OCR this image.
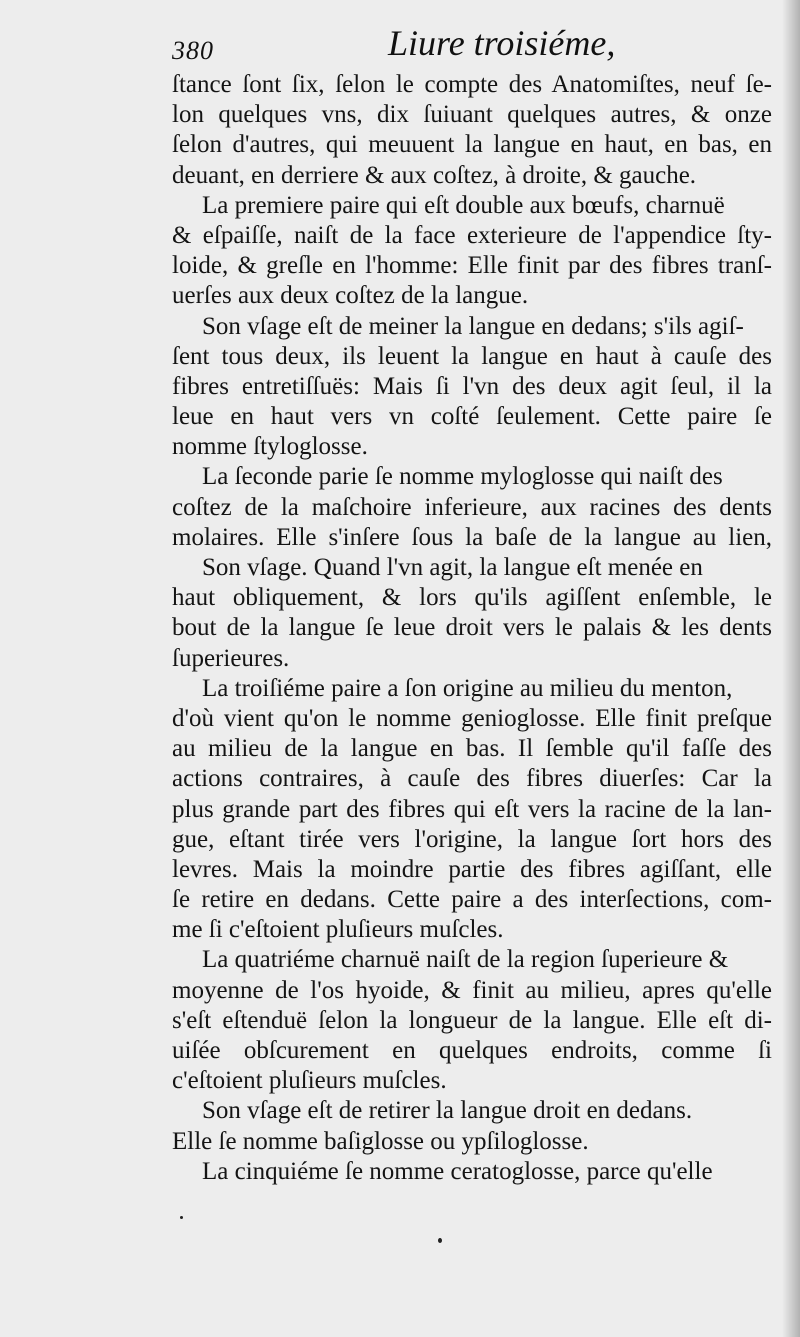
380	Liure troisiéme,
ſtance ſont ſix, ſelon le compte des Anatomiſtes, neuf ſe-
lon quelques vns, dix ſuiuant quelques autres, & onze
ſelon d'autres, qui meuuent la langue en haut, en bas, en
deuant, en derriere & aux coſtez, à droite, & gauche.
La premiere paire qui eſt double aux bœufs, charnuë
& eſpaiſſe, naiſt de la face exterieure de l'appendice ſty-
loide, & greſle en l'homme: Elle finit par des fibres tranſ-
uerſes aux deux coſtez de la langue.
Son vſage eſt de meiner la langue en dedans; s'ils agiſ-
ſent tous deux, ils leuent la langue en haut à cauſe des
fibres entretiſſuës: Mais ſi l'vn des deux agit ſeul, il la
leue en haut vers vn coſté ſeulement. Cette paire ſe
nomme ſtyloglosse.
La ſeconde parie ſe nomme myloglosse qui naiſt des
coſtez de la maſchoire inferieure, aux racines des dents
molaires. Elle s'inſere ſous la baſe de la langue au lien,
Son vſage. Quand l'vn agit, la langue eſt menée en
haut obliquement, & lors qu'ils agiſſent enſemble, le
bout de la langue ſe leue droit vers le palais & les dents
ſuperieures.
La troiſiéme paire a ſon origine au milieu du menton,
d'où vient qu'on le nomme genioglosse. Elle finit preſque
au milieu de la langue en bas. Il ſemble qu'il faſſe des
actions contraires, à cauſe des fibres diuerſes: Car la
plus grande part des fibres qui eſt vers la racine de la lan-
gue, eſtant tirée vers l'origine, la langue ſort hors des
levres. Mais la moindre partie des fibres agiſſant, elle
ſe retire en dedans. Cette paire a des interſections, com-
me ſi c'eſtoient pluſieurs muſcles.
La quatriéme charnuë naiſt de la region ſuperieure &
moyenne de l'os hyoide, & finit au milieu, apres qu'elle
s'eſt eſtenduë ſelon la longueur de la langue. Elle eſt di-
uiſée obſcurement en quelques endroits, comme ſi
c'eſtoient pluſieurs muſcles.
Son vſage eſt de retirer la langue droit en dedans.
Elle ſe nomme baſiglosse ou ypſiloglosse.
La cinquiéme ſe nomme ceratoglosse, parce qu'elle
